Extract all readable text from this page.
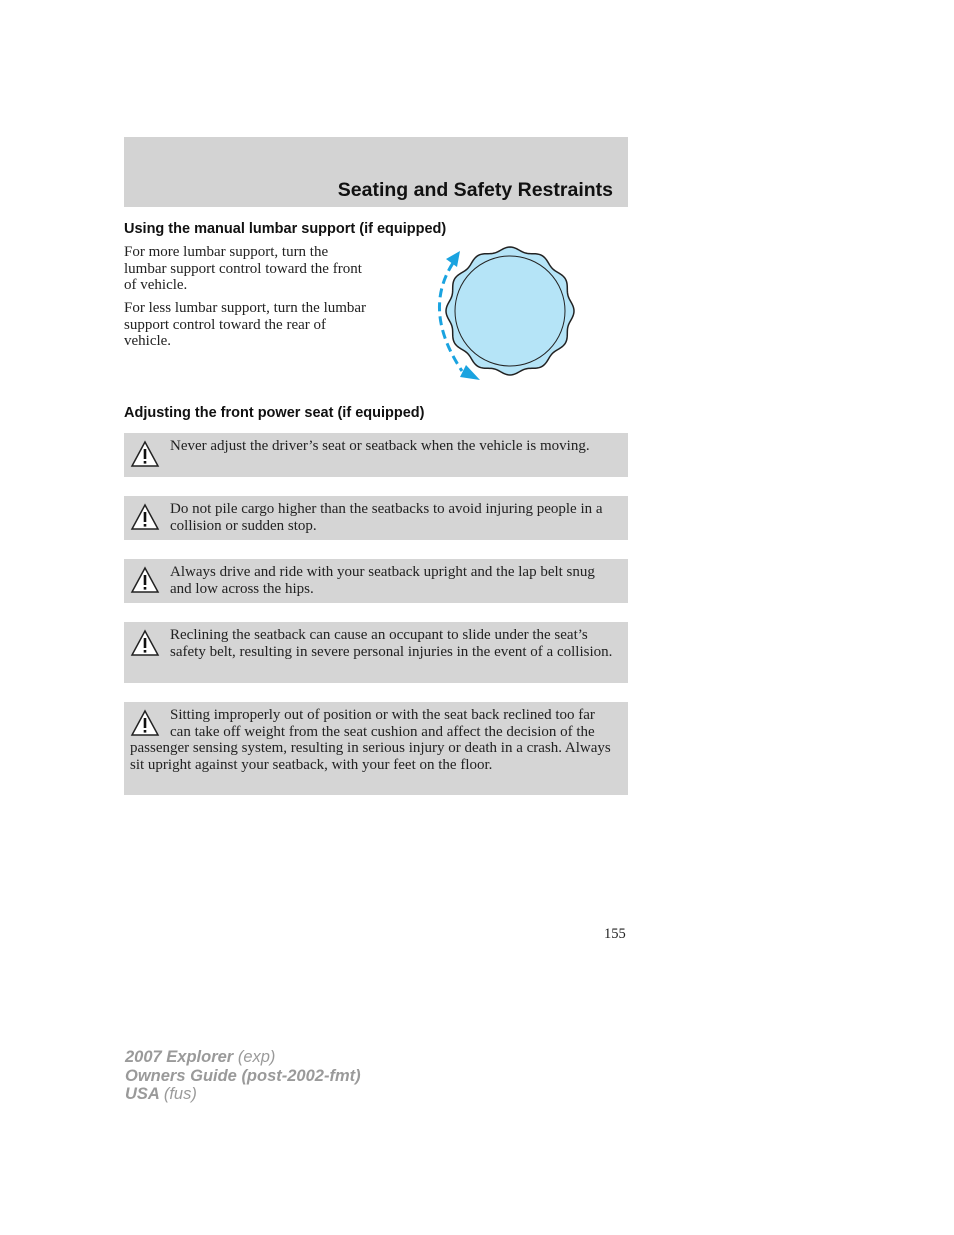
Seating and Safety Restraints
Using the manual lumbar support (if equipped)

For more lumbar support, turn the lumbar support control toward the front of vehicle.

For less lumbar support, turn the lumbar support control toward the rear of vehicle.

Adjusting the front power seat (if equipped)
Never adjust the driver’s seat or seatback when the vehicle is moving.
Do not pile cargo higher than the seatbacks to avoid injuring people in a collision or sudden stop.
Always drive and ride with your seatback upright and the lap belt snug and low across the hips.
Reclining the seatback can cause an occupant to slide under the seat’s safety belt, resulting in severe personal injuries in the event of a collision.
Sitting improperly out of position or with the seat back reclined too far can take off weight from the seat cushion and affect the decision of the passenger sensing system, resulting in serious injury or death in a crash. Always sit upright against your seatback, with your feet on the floor.
155
2007 Explorer (exp)
Owners Guide (post-2002-fmt)
USA (fus)
